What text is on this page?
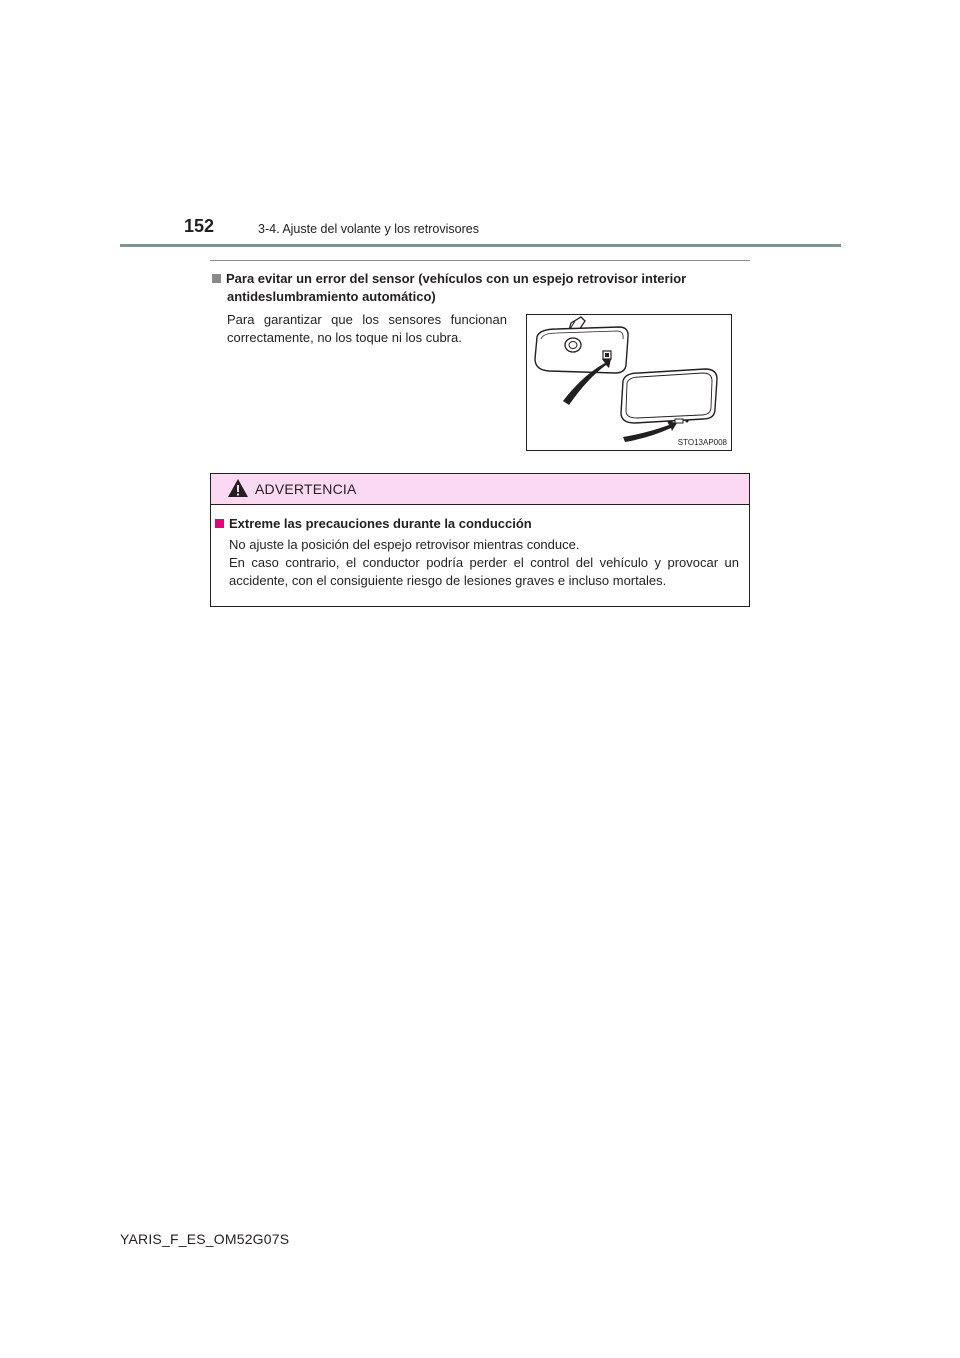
152	3-4. Ajuste del volante y los retrovisores
Para evitar un error del sensor (vehículos con un espejo retrovisor interior
antideslumbramiento automático)
Para garantizar que los sensores funcionan correctamente, no los toque ni los cubra.
STO13AP008
ADVERTENCIA
Extreme las precauciones durante la conducción

No ajuste la posición del espejo retrovisor mientras conduce.

En caso contrario, el conductor podría perder el control del vehículo y provocar un accidente, con el consiguiente riesgo de lesiones graves e incluso mortales.

YARIS_F_ES_OM52G07S
